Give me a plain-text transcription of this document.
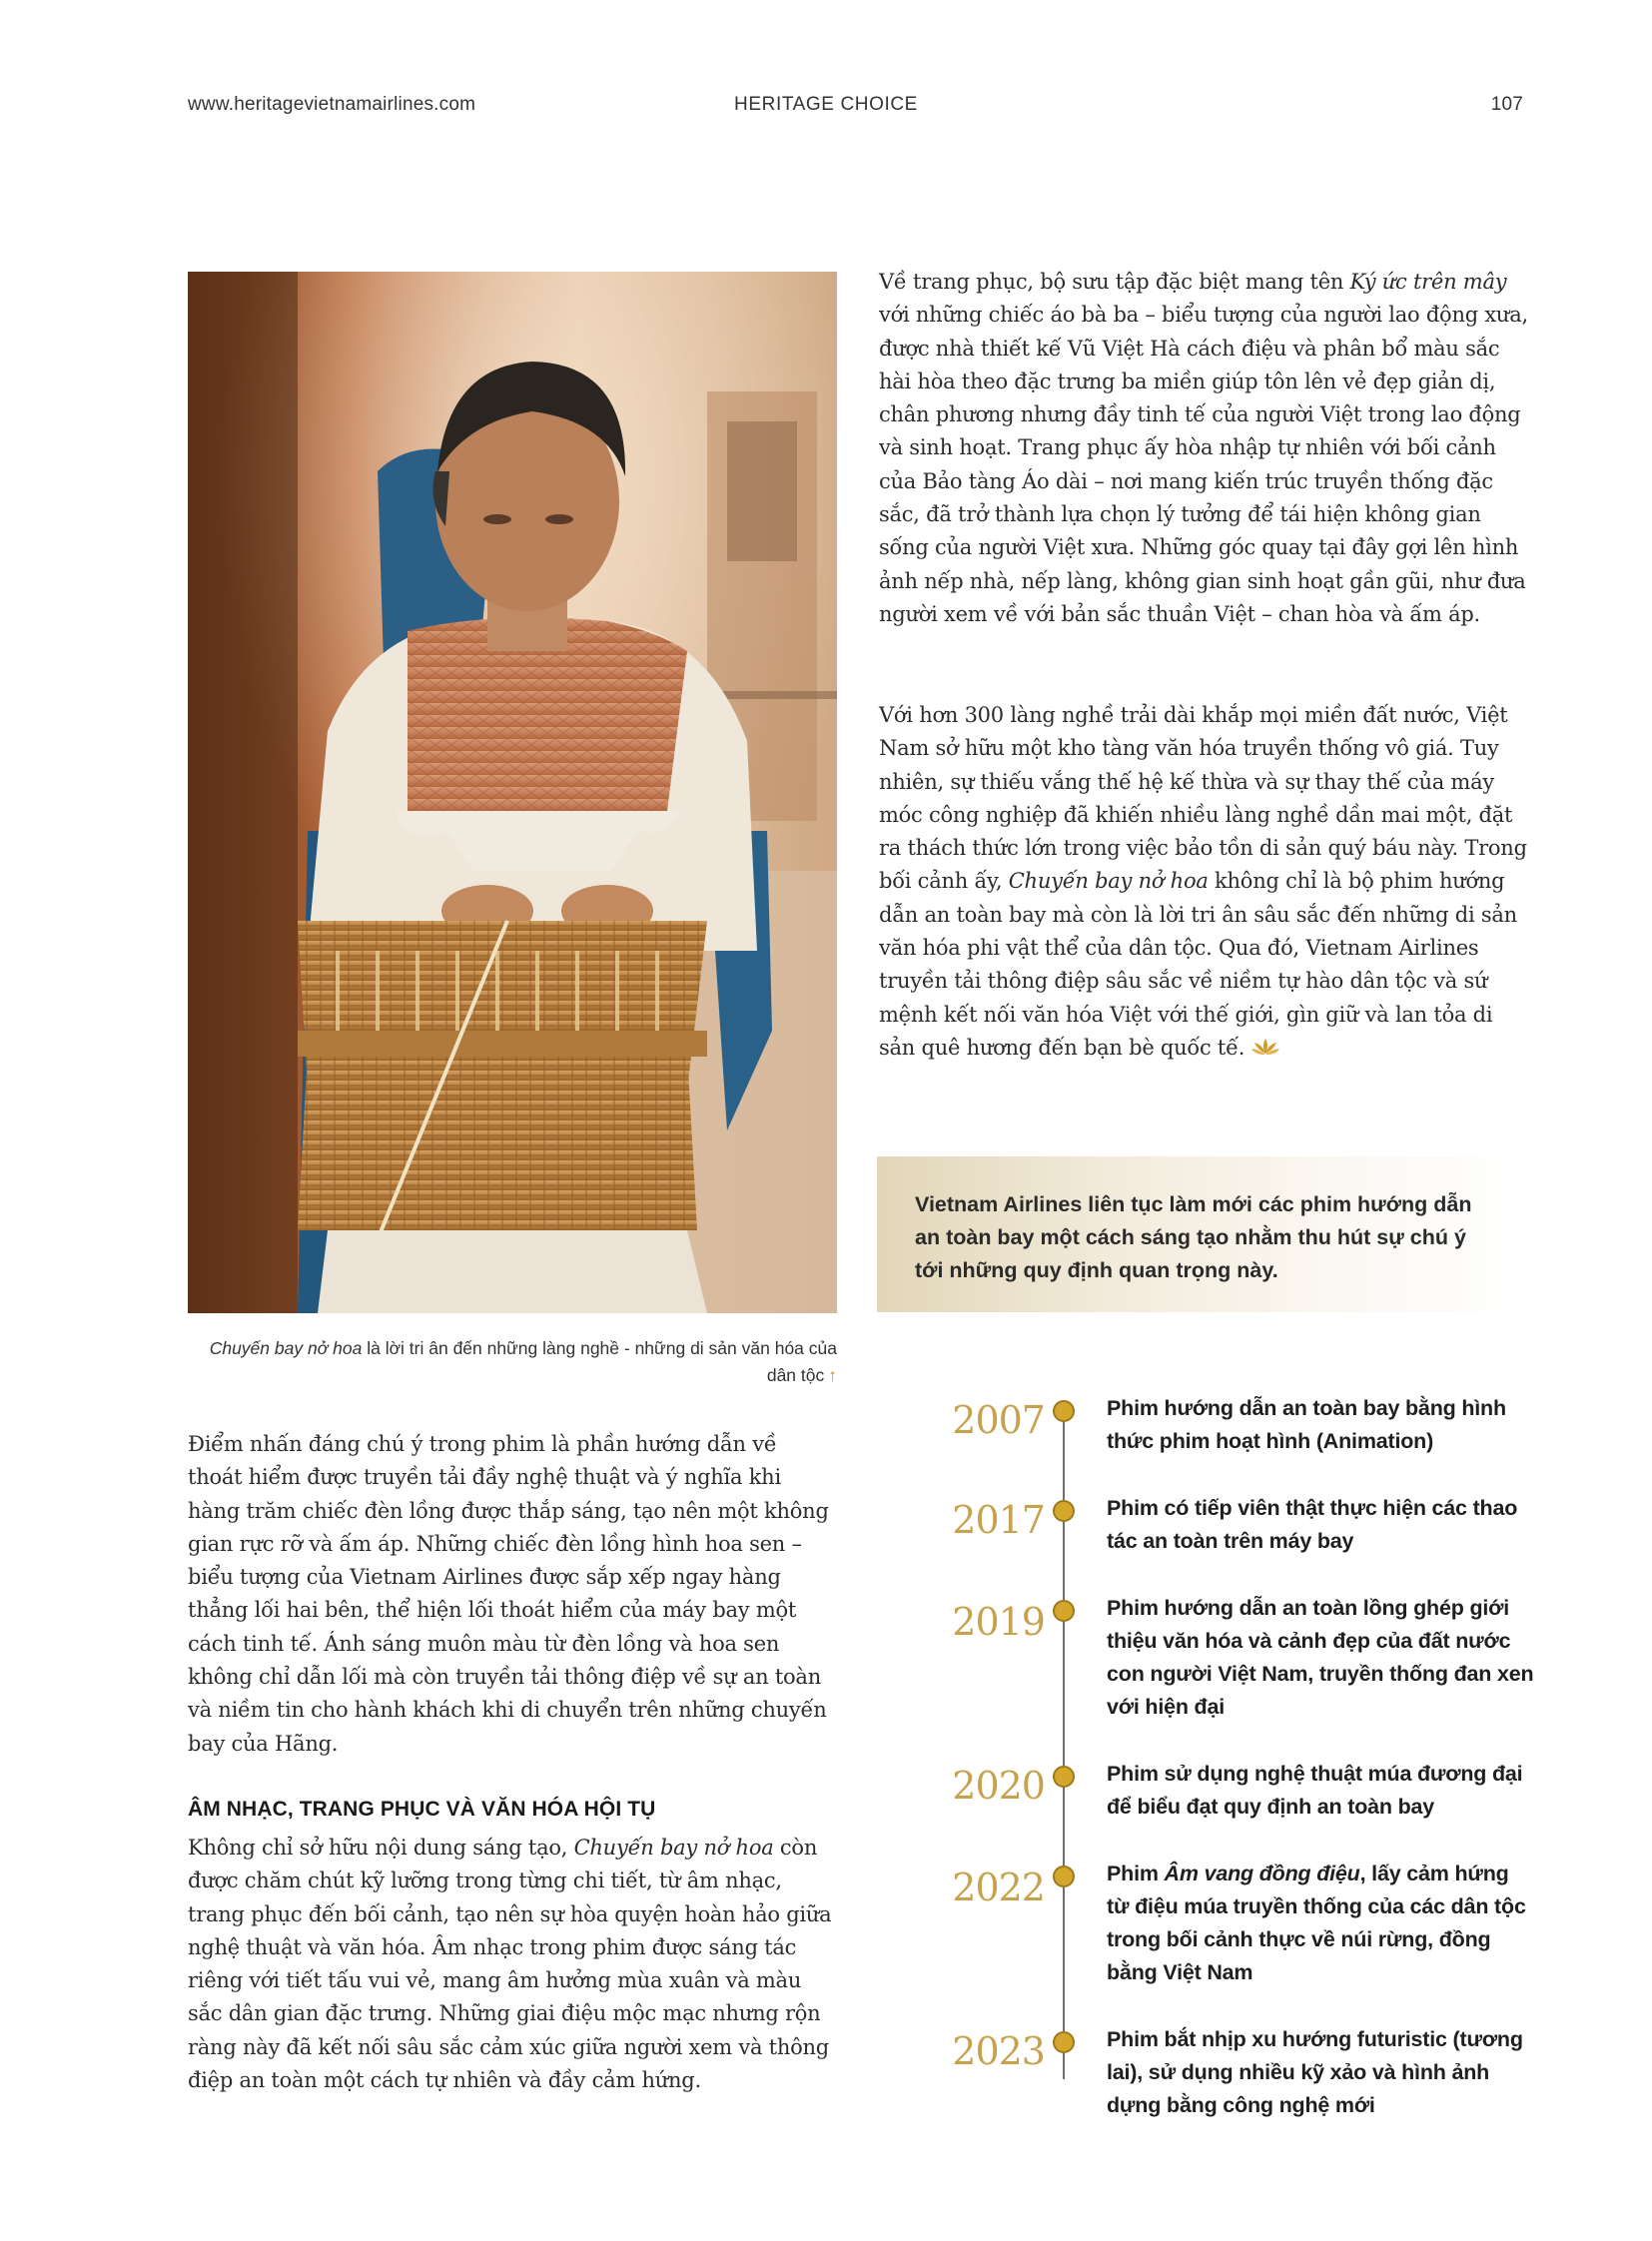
www.heritagevietnamairlines.com	HERITAGE CHOICE	107
Chuyến bay nở hoa là lời tri ân đến những làng nghề - những di sản văn hóa của dân tộc ↑

Về trang phục, bộ sưu tập đặc biệt mang tên Ký ức trên mây với những chiếc áo bà ba – biểu tượng của người lao động xưa, được nhà thiết kế Vũ Việt Hà cách điệu và phân bổ màu sắc hài hòa theo đặc trưng ba miền giúp tôn lên vẻ đẹp giản dị, chân phương nhưng đầy tinh tế của người Việt trong lao động và sinh hoạt. Trang phục ấy hòa nhập tự nhiên với bối cảnh của Bảo tàng Áo dài – nơi mang kiến trúc truyền thống đặc sắc, đã trở thành lựa chọn lý tưởng để tái hiện không gian sống của người Việt xưa. Những góc quay tại đây gợi lên hình ảnh nếp nhà, nếp làng, không gian sinh hoạt gần gũi, như đưa người xem về với bản sắc thuần Việt – chan hòa và ấm áp.

Với hơn 300 làng nghề trải dài khắp mọi miền đất nước, Việt Nam sở hữu một kho tàng văn hóa truyền thống vô giá. Tuy nhiên, sự thiếu vắng thế hệ kế thừa và sự thay thế của máy móc công nghiệp đã khiến nhiều làng nghề dần mai một, đặt ra thách thức lớn trong việc bảo tồn di sản quý báu này. Trong bối cảnh ấy, Chuyến bay nở hoa không chỉ là bộ phim hướng dẫn an toàn bay mà còn là lời tri ân sâu sắc đến những di sản văn hóa phi vật thể của dân tộc. Qua đó, Vietnam Airlines truyền tải thông điệp sâu sắc về niềm tự hào dân tộc và sứ mệnh kết nối văn hóa Việt với thế giới, gìn giữ và lan tỏa di sản quê hương đến bạn bè quốc tế.

Vietnam Airlines liên tục làm mới các phim hướng dẫn an toàn bay một cách sáng tạo nhằm thu hút sự chú ý tới những quy định quan trọng này.

Điểm nhấn đáng chú ý trong phim là phần hướng dẫn về thoát hiểm được truyền tải đầy nghệ thuật và ý nghĩa khi hàng trăm chiếc đèn lồng được thắp sáng, tạo nên một không gian rực rỡ và ấm áp. Những chiếc đèn lồng hình hoa sen – biểu tượng của Vietnam Airlines được sắp xếp ngay hàng thẳng lối hai bên, thể hiện lối thoát hiểm của máy bay một cách tinh tế. Ánh sáng muôn màu từ đèn lồng và hoa sen không chỉ dẫn lối mà còn truyền tải thông điệp về sự an toàn và niềm tin cho hành khách khi di chuyển trên những chuyến bay của Hãng.

ÂM NHẠC, TRANG PHỤC VÀ VĂN HÓA HỘI TỤ

Không chỉ sở hữu nội dung sáng tạo, Chuyến bay nở hoa còn được chăm chút kỹ lưỡng trong từng chi tiết, từ âm nhạc, trang phục đến bối cảnh, tạo nên sự hòa quyện hoàn hảo giữa nghệ thuật và văn hóa. Âm nhạc trong phim được sáng tác riêng với tiết tấu vui vẻ, mang âm hưởng mùa xuân và màu sắc dân gian đặc trưng. Những giai điệu mộc mạc nhưng rộn ràng này đã kết nối sâu sắc cảm xúc giữa người xem và thông điệp an toàn một cách tự nhiên và đầy cảm hứng.

2007	Phim hướng dẫn an toàn bay bằng hình thức phim hoạt hình (Animation)
2017	Phim có tiếp viên thật thực hiện các thao tác an toàn trên máy bay
2019	Phim hướng dẫn an toàn lồng ghép giới thiệu văn hóa và cảnh đẹp của đất nước con người Việt Nam, truyền thống đan xen với hiện đại
2020	Phim sử dụng nghệ thuật múa đương đại để biểu đạt quy định an toàn bay
2022	Phim Âm vang đồng điệu, lấy cảm hứng từ điệu múa truyền thống của các dân tộc trong bối cảnh thực về núi rừng, đồng bằng Việt Nam
2023	Phim bắt nhịp xu hướng futuristic (tương lai), sử dụng nhiều kỹ xảo và hình ảnh dựng bằng công nghệ mới
